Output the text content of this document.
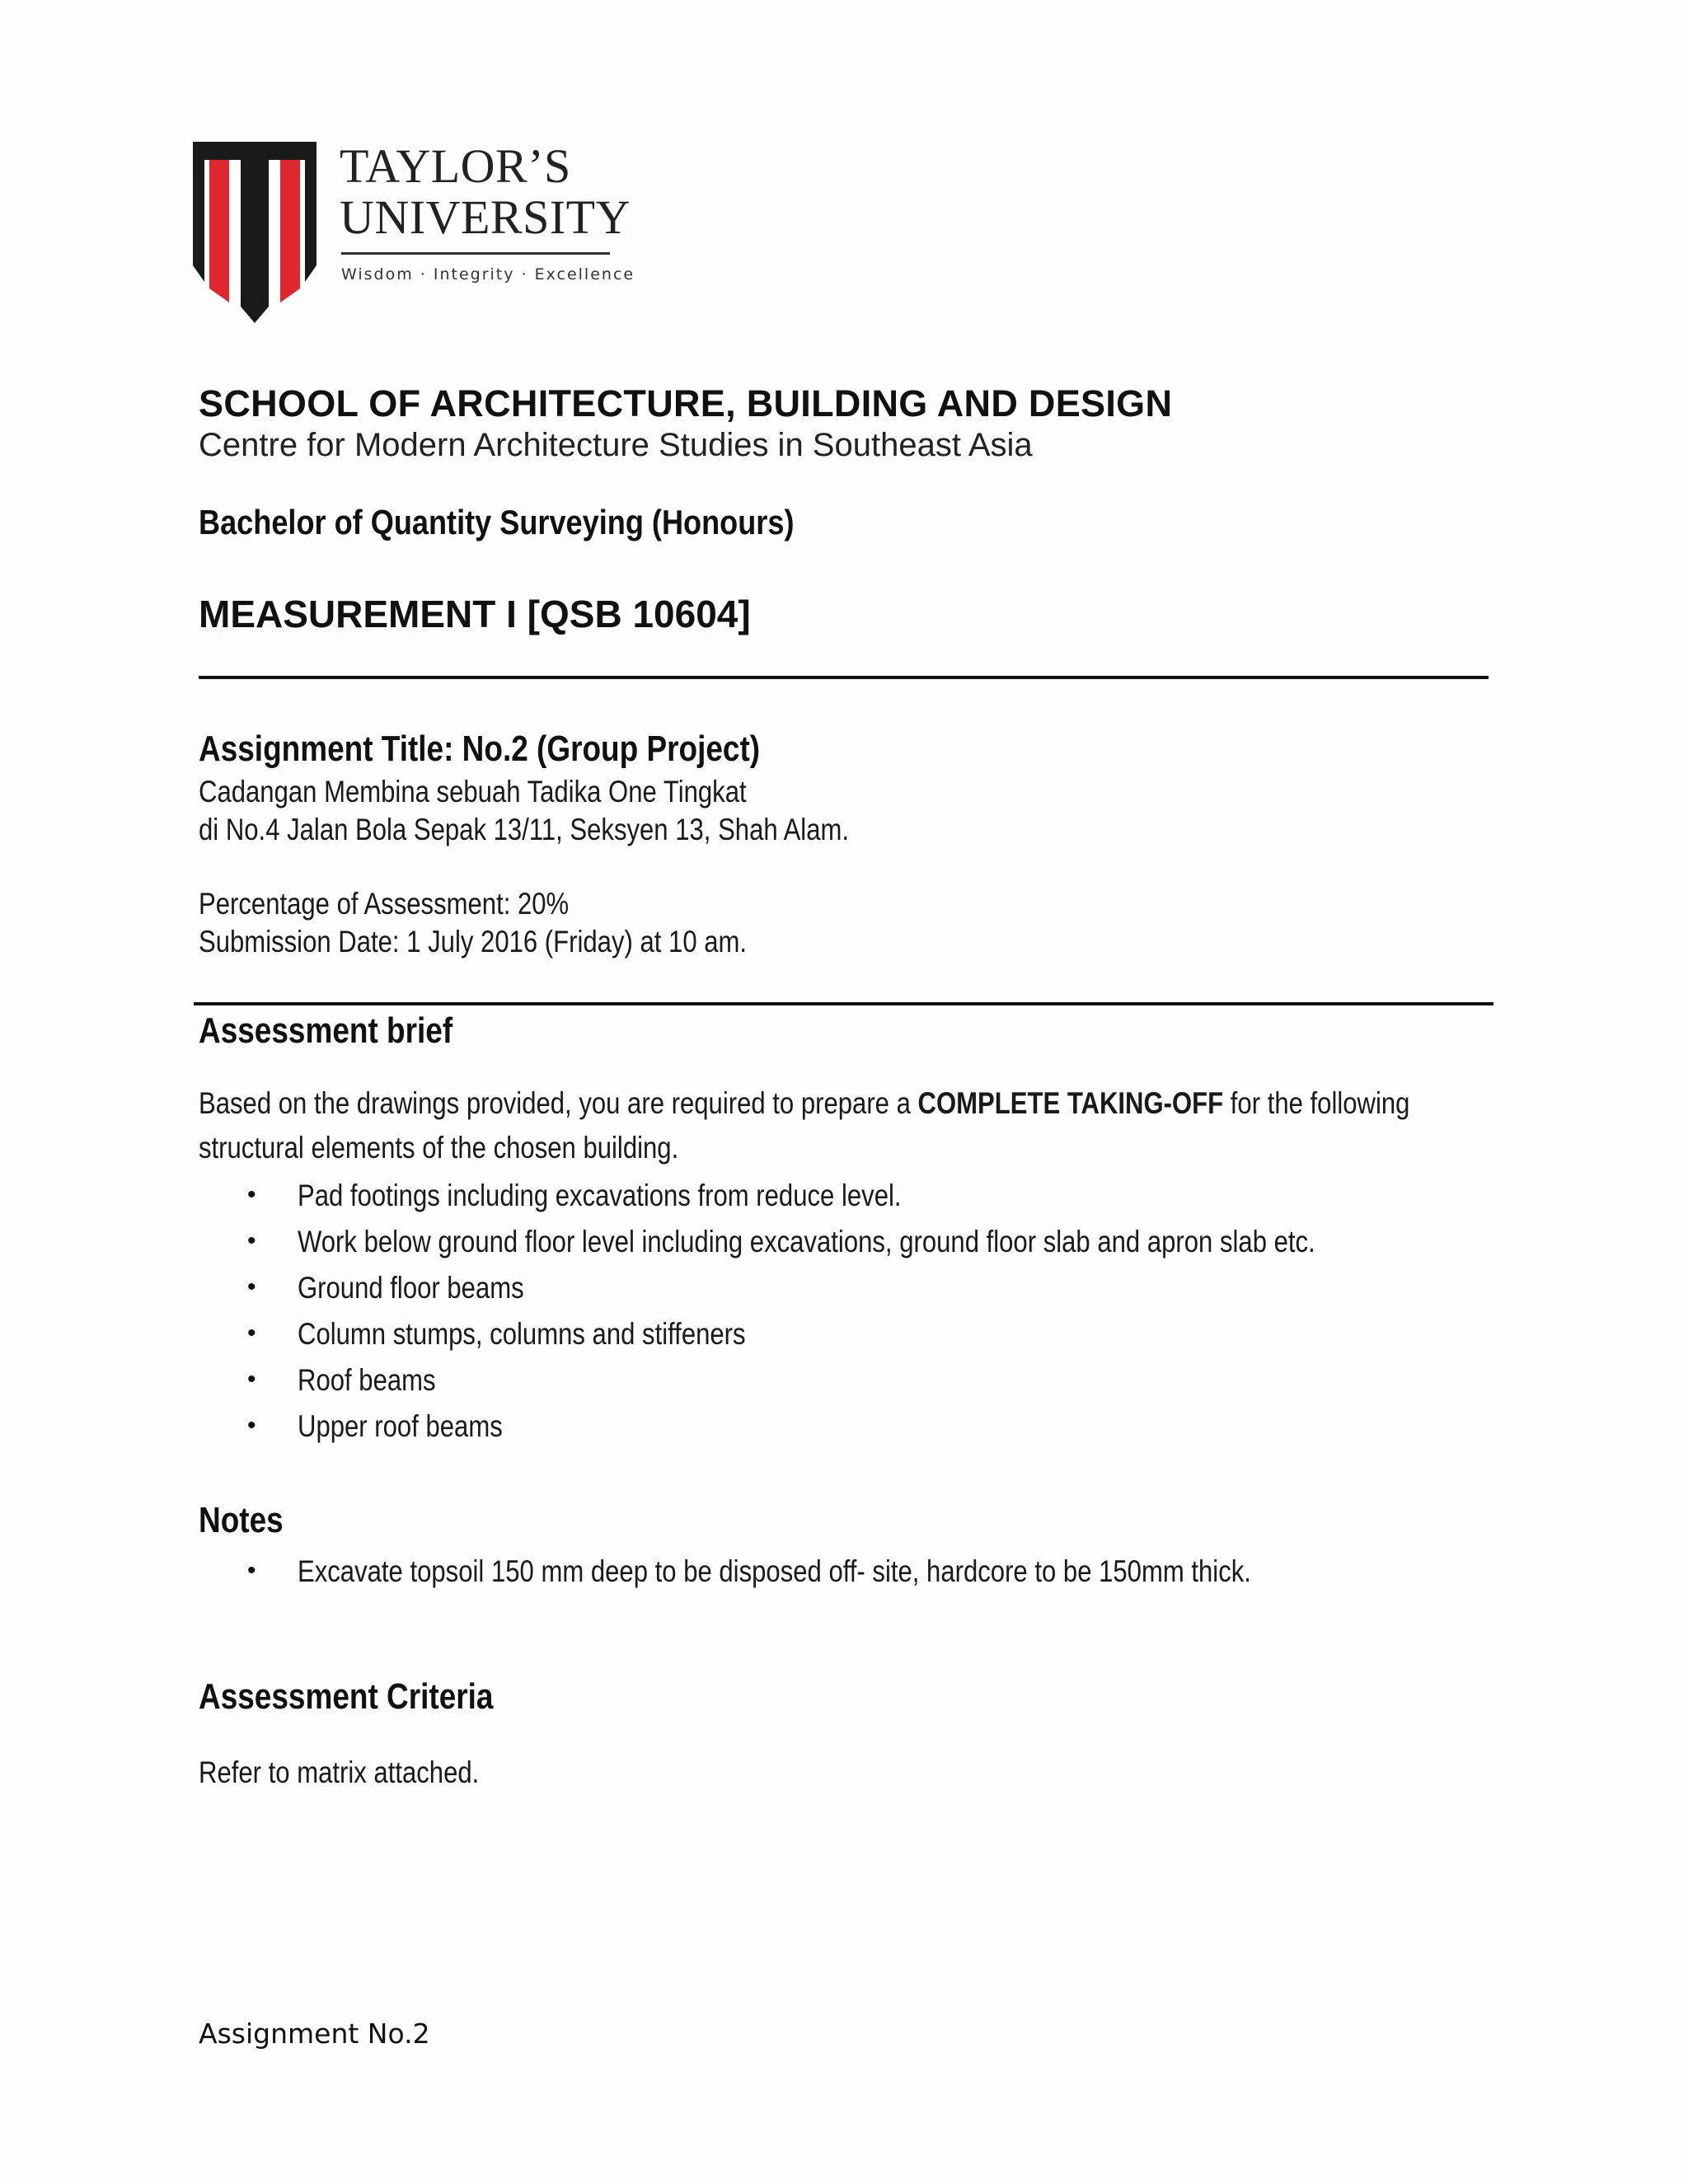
TAYLOR’S
UNIVERSITY
Wisdom · Integrity · Excellence
SCHOOL OF ARCHITECTURE, BUILDING AND DESIGN
Centre for Modern Architecture Studies in Southeast Asia
Bachelor of Quantity Surveying (Honours)
MEASUREMENT I [QSB 10604]
Assignment Title: No.2 (Group Project)
Cadangan Membina sebuah Tadika One Tingkat
di No.4 Jalan Bola Sepak 13/11, Seksyen 13, Shah Alam.
Percentage of Assessment: 20%
Submission Date: 1 July 2016 (Friday) at 10 am.
Assessment brief
Based on the drawings provided, you are required to prepare a COMPLETE TAKING-OFF for the following
structural elements of the chosen building.
• Pad footings including excavations from reduce level.
• Work below ground floor level including excavations, ground floor slab and apron slab etc.
• Ground floor beams
• Column stumps, columns and stiffeners
• Roof beams
• Upper roof beams
Notes
• Excavate topsoil 150 mm deep to be disposed off- site, hardcore to be 150mm thick.
Assessment Criteria
Refer to matrix attached.
Assignment No.2
